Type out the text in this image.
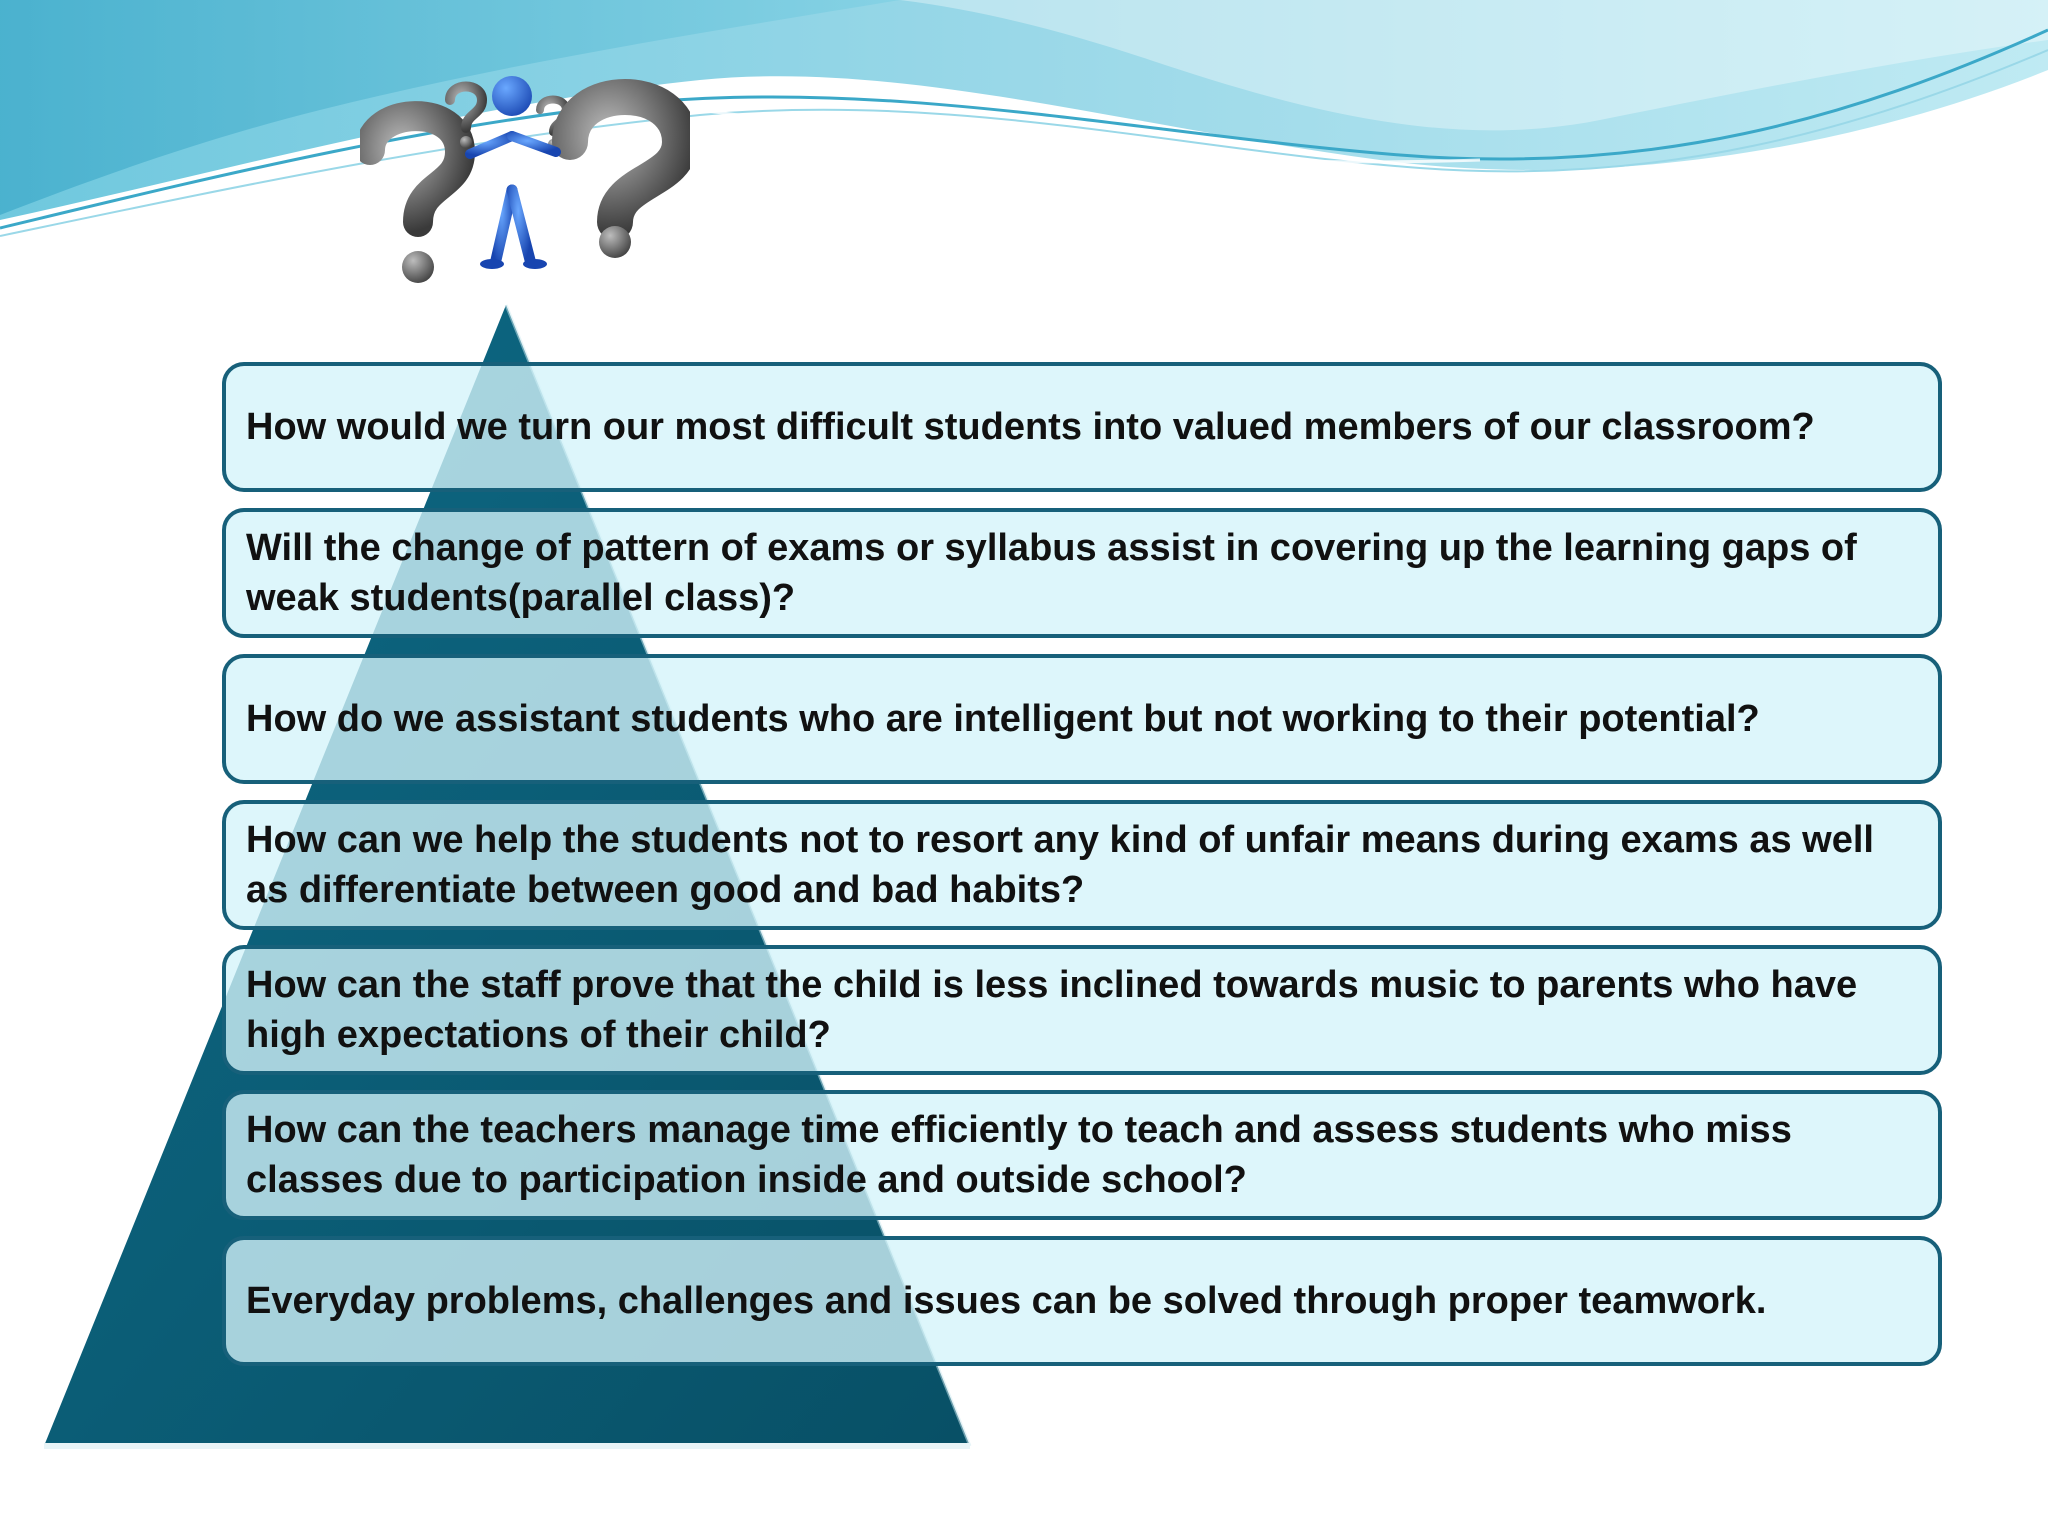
How would we turn our most difficult students into valued members of our classroom?
Will the change of pattern of exams or syllabus assist in covering up the learning gaps of weak students(parallel class)?
How do we assistant students who are intelligent but not working to their potential?
How can we help the students not to resort any kind of unfair means during exams as well as differentiate between good and bad habits?
How can the staff prove that the child is less inclined towards music to parents who have high expectations of their child?
How can the teachers manage time efficiently to teach and assess students who miss classes due to participation inside and outside school?
Everyday problems, challenges and issues can be solved through proper teamwork.
